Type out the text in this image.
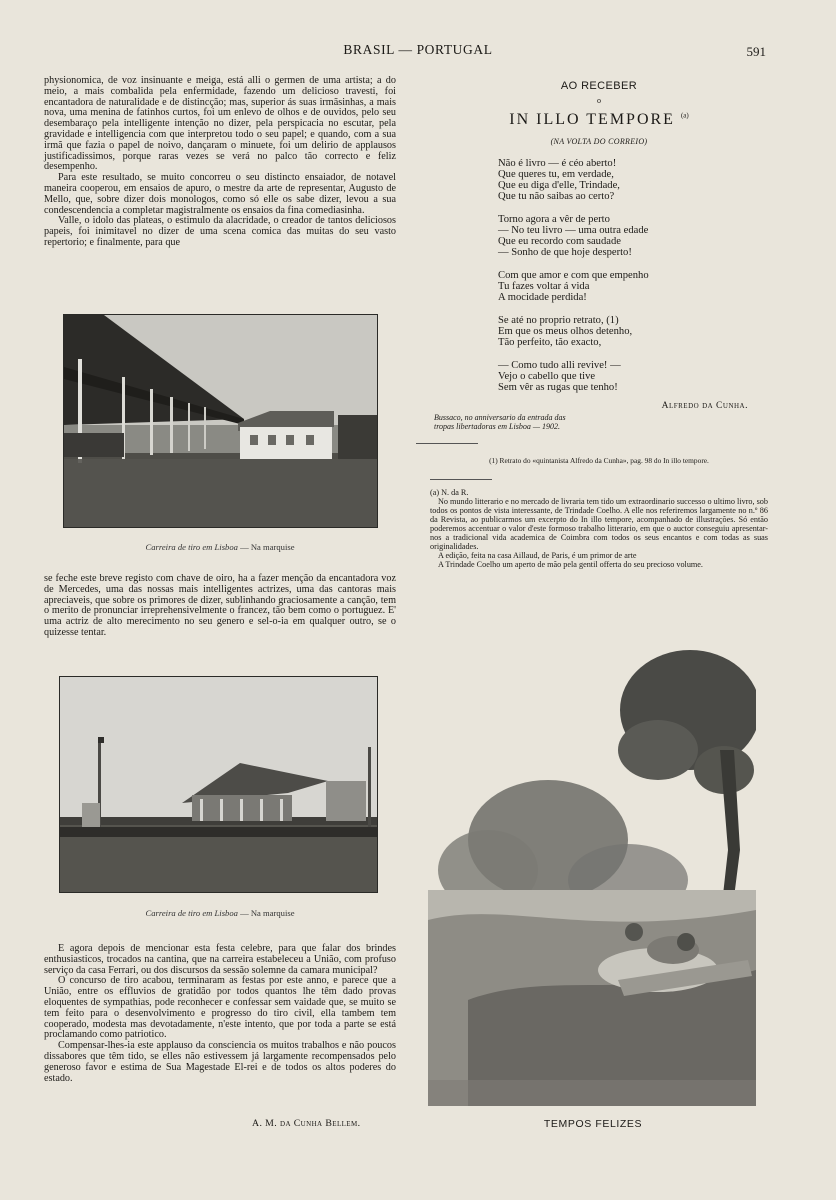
BRASIL — PORTUGAL	591

physionomica, de voz insinuante e meiga, está alli o germen de uma artista; a do meio, a mais combalida pela enfermidade, fazendo um delicioso travesti, foi encantadora de naturalidade e de distincção; mas, superior ás suas irmãsinhas, a mais nova, uma menina de fatinhos curtos, foi um enlevo de olhos e de ouvidos, pelo seu desembaraço pela intelligente intenção no dizer, pela perspicacia no escutar, pela gravidade e intelligencia com que interpretou todo o seu papel; e quando, com a sua irmã que fazia o papel de noivo, dançaram o minuete, foi um delirio de applausos justificadissimos, porque raras vezes se verá no palco tão correcto e feliz desempenho.

Para este resultado, se muito concorreu o seu distincto ensaiador, de notavel maneira cooperou, em ensaios de apuro, o mestre da arte de representar, Augusto de Mello, que, sobre dizer dois monologos, como só elle os sabe dizer, levou a sua condescendencia a completar magistralmente os ensaios da fina comediasinha.

Valle, o idolo das plateas, o estimulo da alacridade, o creador de tantos deliciosos papeis, foi inimitavel no dizer de uma scena comica das muitas do seu vasto repertorio; e finalmente, para que

Carreira de tiro em Lisboa — Na marquise

se feche este breve registo com chave de oiro, ha a fazer menção da encantadora voz de Mercedes, uma das nossas mais intelligentes actrizes, uma das cantoras mais apreciaveis, que sobre os primores de dizer, sublinhando graciosamente a canção, tem o merito de pronunciar irreprehensivelmente o francez, tão bem como o portuguez. E' uma actriz de alto merecimento no seu genero e sel-o-ia em qualquer outro, se o quizesse tentar.

Carreira de tiro em Lisboa — Na marquise

E agora depois de mencionar esta festa celebre, para que falar dos brindes enthusiasticos, trocados na cantina, que na carreira estabeleceu a União, com profuso serviço da casa Ferrari, ou dos discursos da sessão solemne da camara municipal?

O concurso de tiro acabou, terminaram as festas por este anno, e parece que a União, entre os effluvios de gratidão por todos quantos lhe têm dado provas eloquentes de sympathias, pode reconhecer e confessar sem vaidade que, se muito se tem feito para o desenvolvimento e progresso do tiro civil, ella tambem tem cooperado, modesta mas devotadamente, n'este intento, que por toda a parte se está proclamando como patriotico.

Compensar-lhes-ia este applauso da consciencia os muitos trabalhos e não poucos dissabores que têm tido, se elles não estivessem já largamente recompensados pelo generoso favor e estima de Sua Magestade El-rei e de todos os altos poderes do estado.

A. M. da Cunha Bellem.
AO RECEBER
o
IN ILLO TEMPORE $^{(a)}$
(NA VOLTA DO CORREIO)
Não é livro — é céo aberto!
Que queres tu, em verdade,
Que eu diga d'elle, Trindade,
Que tu não saibas ao certo?
Torno agora a vêr de perto
— No teu livro — uma outra edade
Que eu recordo com saudade
— Sonho de que hoje desperto!
Com que amor e com que empenho
Tu fazes voltar á vida
A mocidade perdida!
Se até no proprio retrato, (1)
Em que os meus olhos detenho,
Tão perfeito, tão exacto,
— Como tudo alli revive! —
Vejo o cabello que tive
Sem vêr as rugas que tenho!
Alfredo da Cunha.
Bussaco, no anniversario da entrada das
tropas libertadoras em Lisboa — 1902.
(1) Retrato do «quintanista Alfredo da Cunha», pag. 98 do In illo tempore.

(a) N. da R.

No mundo litterario e no mercado de livraria tem tido um extraordinario successo o ultimo livro, sob todos os pontos de vista interessante, de Trindade Coelho. A elle nos referiremos largamente no n.º 86 da Revista, ao publicarmos um excerpto do In illo tempore, acompanhado de illustrações. Só então poderemos accentuar o valor d'este formoso trabalho litterario, em que o auctor conseguiu apresentar-nos a tradicional vida academica de Coimbra com todos os seus encantos e com todas as suas originalidades.

A edição, feita na casa Aillaud, de Paris, é um primor de arte

A Trindade Coelho um aperto de mão pela gentil offerta do seu precioso volume.

TEMPOS FELIZES
